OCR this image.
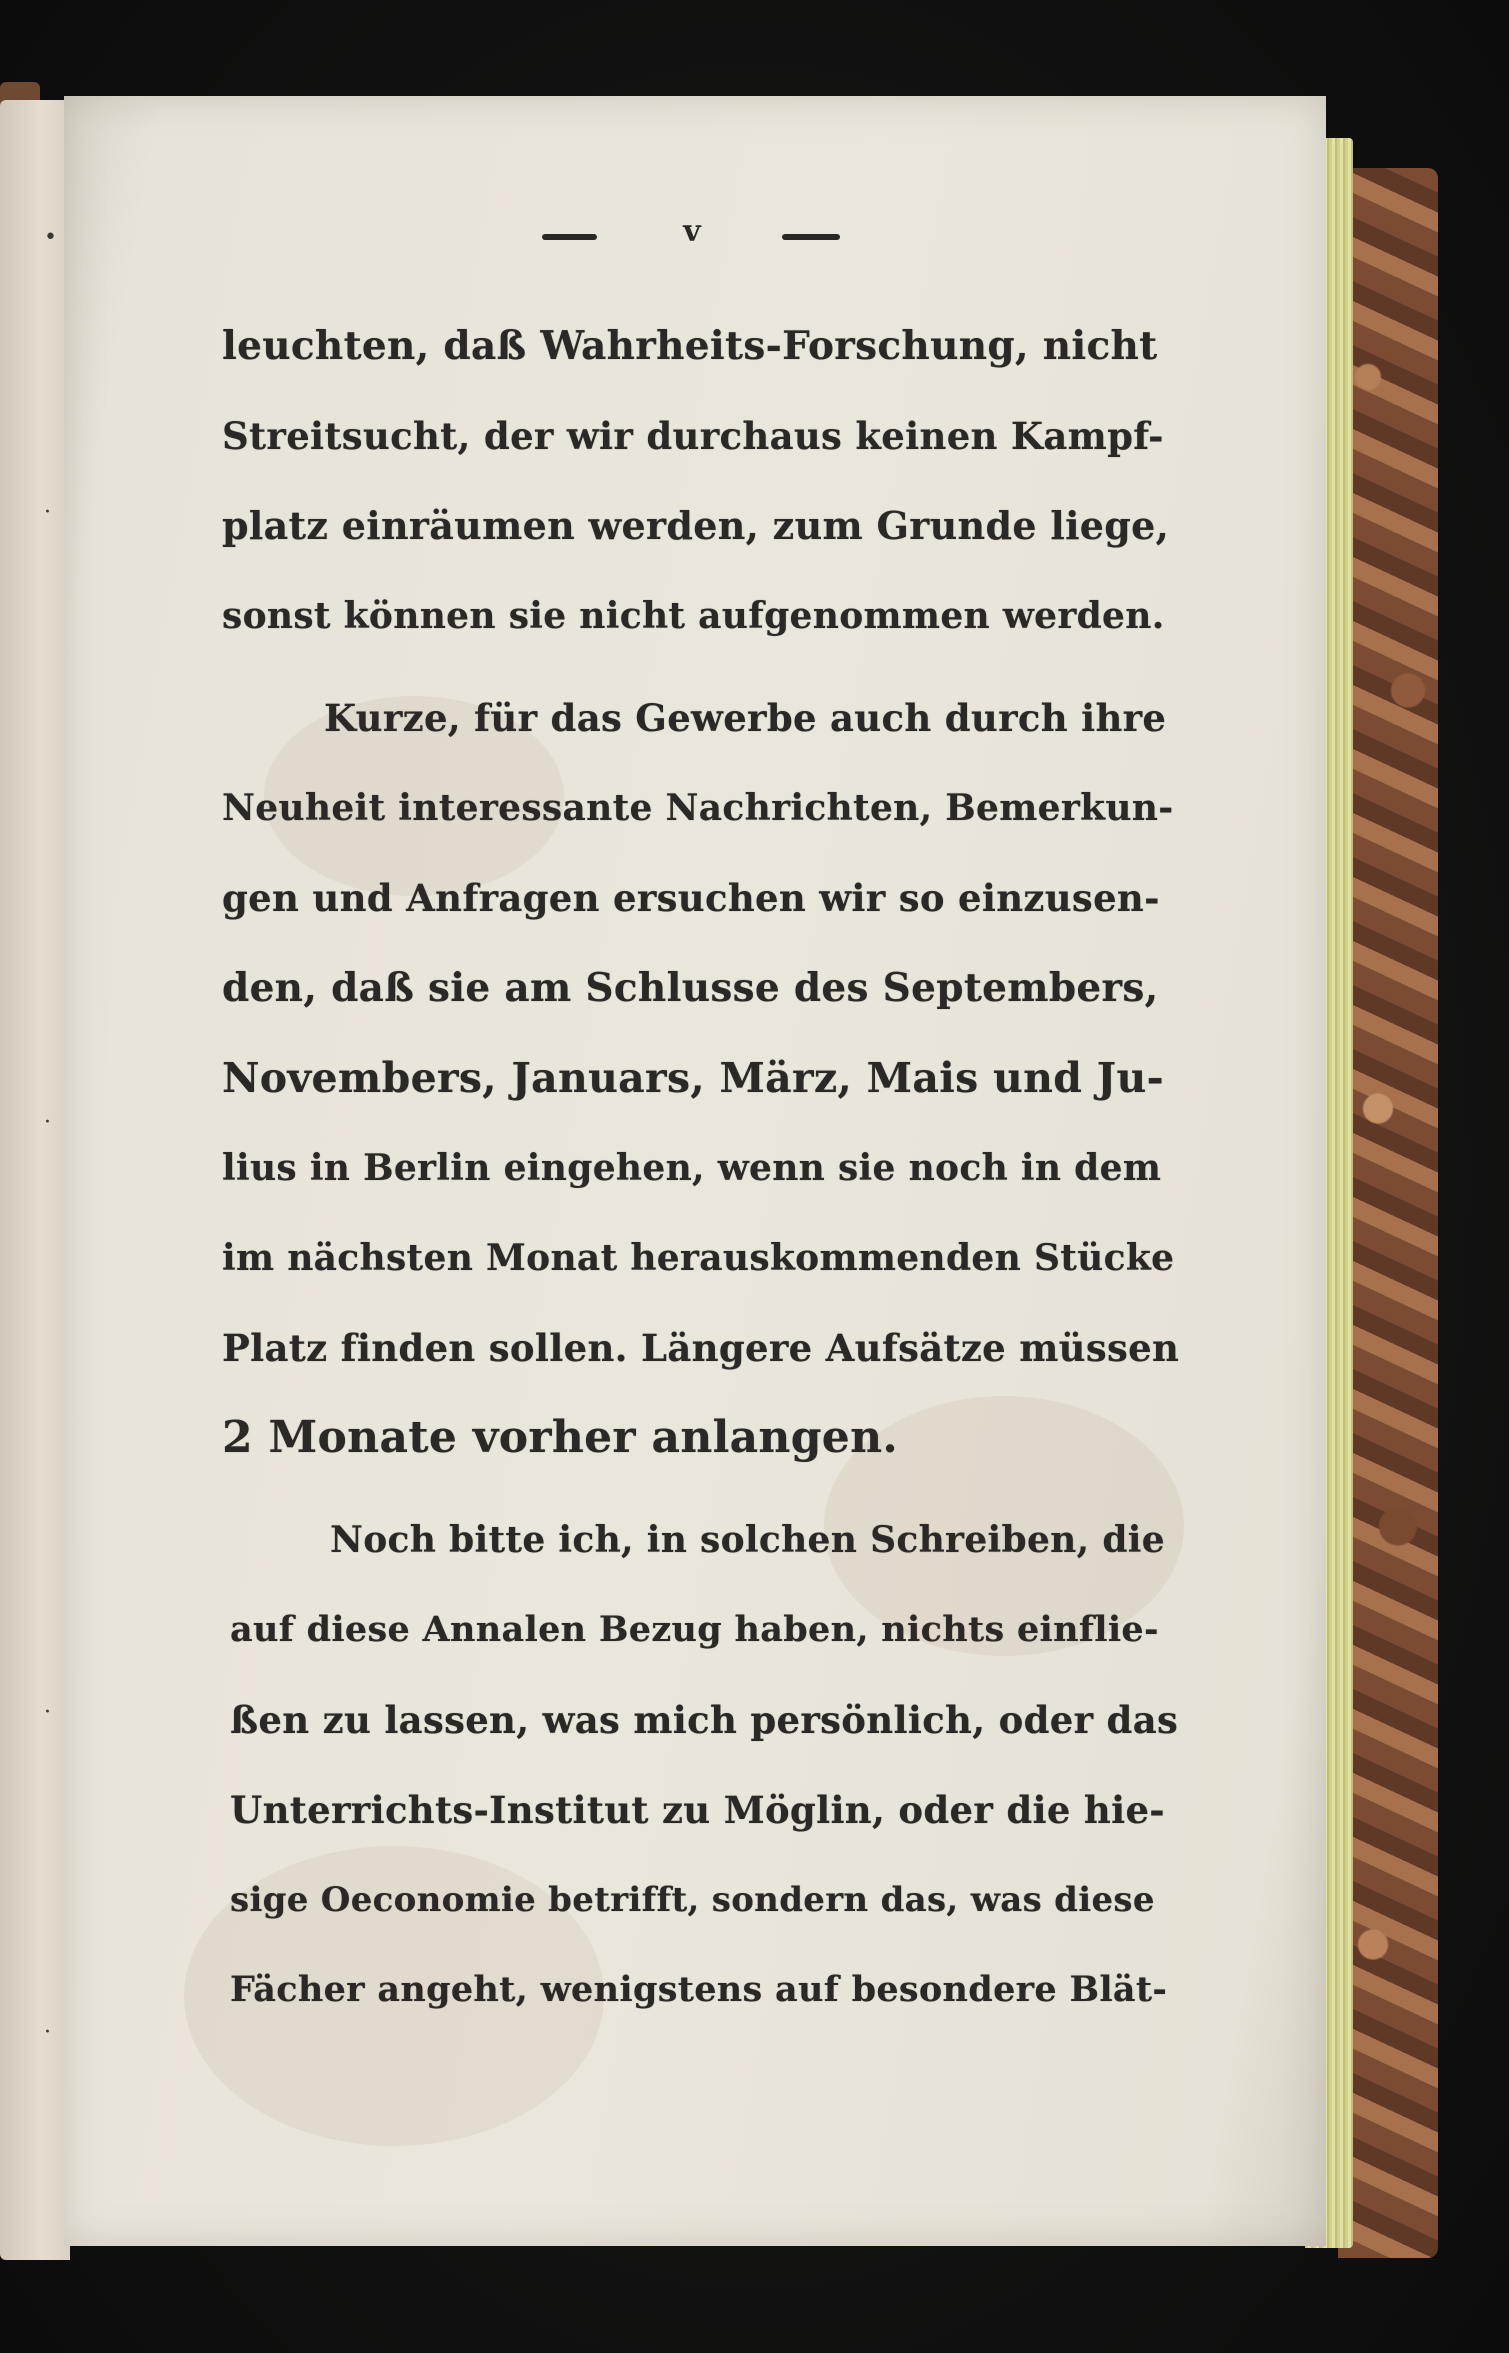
•
·
·
·
·
v
leuchten, daß Wahrheits-Forschung, nicht
Streitsucht, der wir durchaus keinen Kampf-
platz einräumen werden, zum Grunde liege,
sonst können sie nicht aufgenommen werden.
Kurze, für das Gewerbe auch durch ihre
Neuheit interessante Nachrichten, Bemerkun-
gen und Anfragen ersuchen wir so einzusen-
den, daß sie am Schlusse des Septembers,
Novembers, Januars, März, Mais und Ju-
lius in Berlin eingehen, wenn sie noch in dem
im nächsten Monat herauskommenden Stücke
Platz finden sollen. Längere Aufsätze müssen
2 Monate vorher anlangen.
Noch bitte ich, in solchen Schreiben, die
auf diese Annalen Bezug haben, nichts einflie-
ßen zu lassen, was mich persönlich, oder das
Unterrichts-Institut zu Möglin, oder die hie-
sige Oeconomie betrifft, sondern das, was diese
Fächer angeht, wenigstens auf besondere Blät-
